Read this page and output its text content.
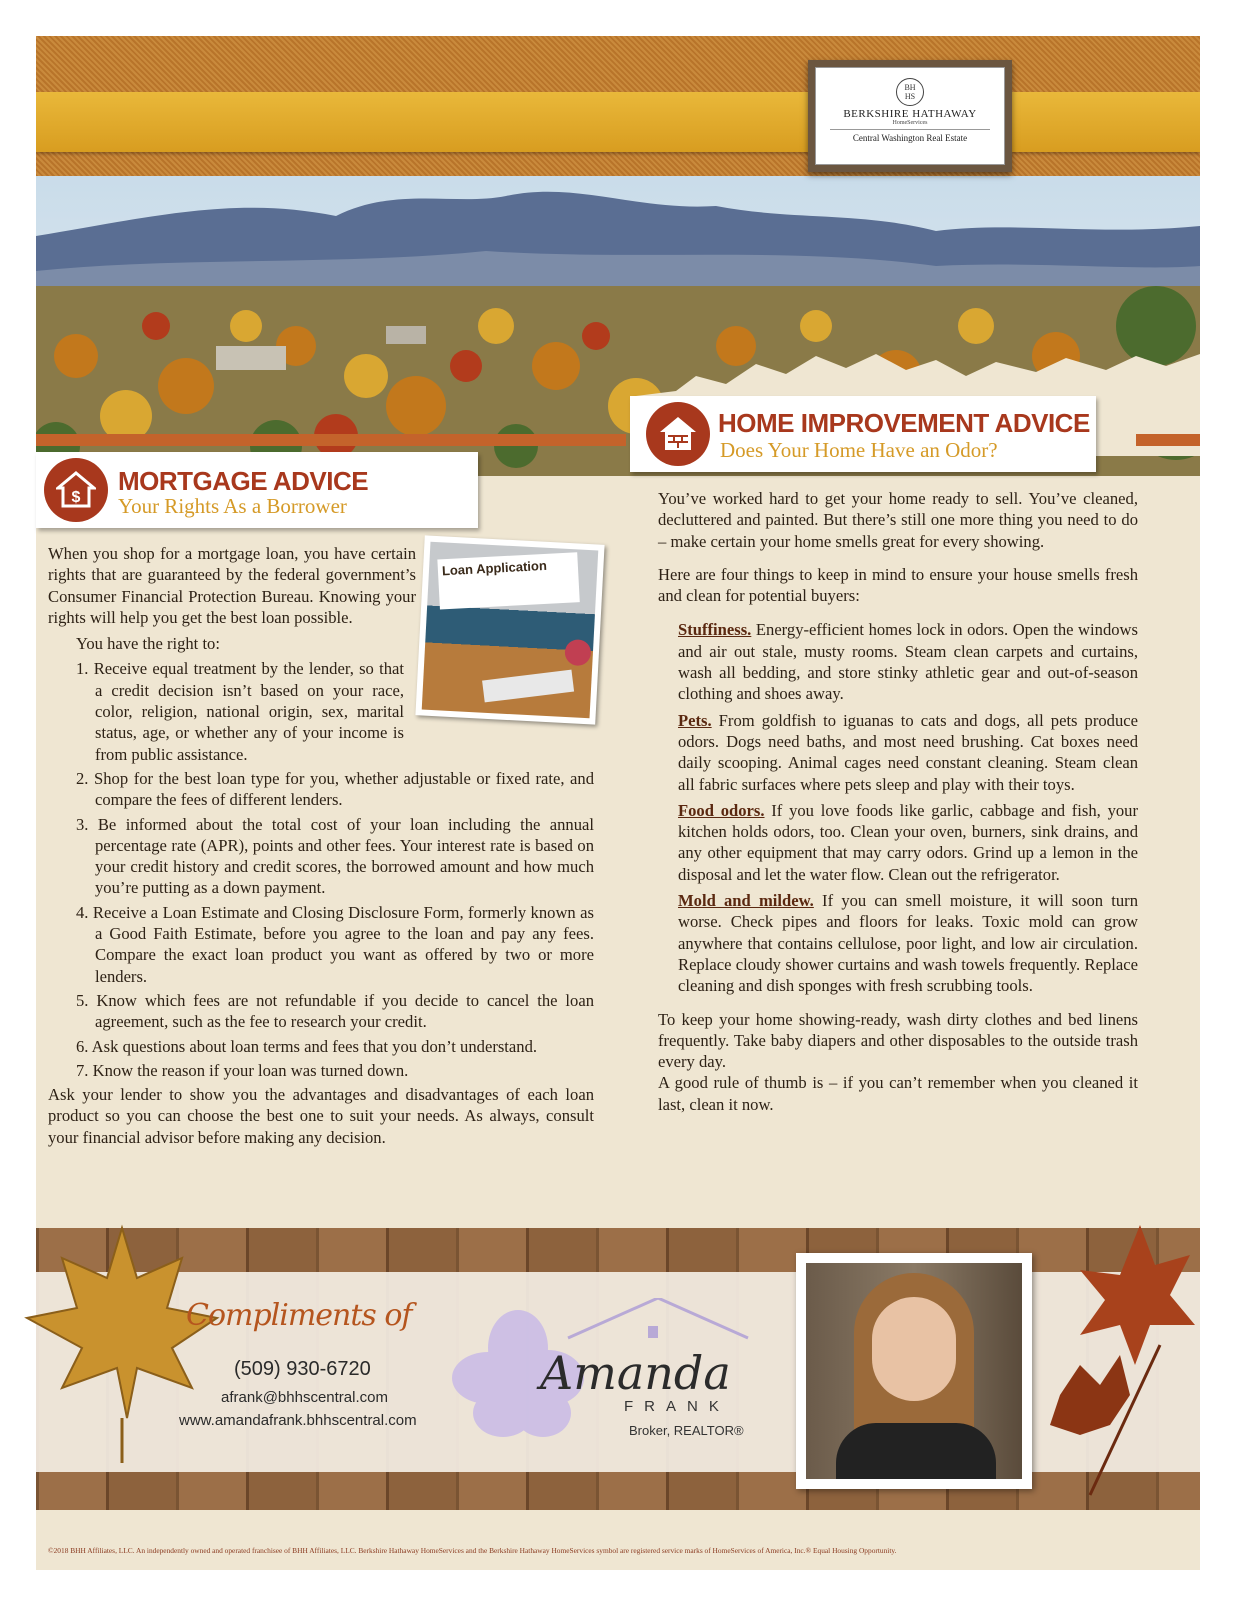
BH
HS
BERKSHIRE HATHAWAY
HomeServices
Central Washington Real Estate
HOME IMPROVEMENT ADVICE
Does Your Home Have an Odor?
$
MORTGAGE ADVICE
Your Rights As a Borrower
Loan Application

When you shop for a mortgage loan, you have certain rights that are guaranteed by the federal government’s Consumer Financial Protection Bureau. Knowing your rights will help you get the best loan possible.

You have the right to:

1. Receive equal treatment by the lender, so that a credit decision isn’t based on your race, color, religion, national origin, sex, marital status, age, or whether any of your income is from public assistance.
2. Shop for the best loan type for you, whether adjustable or fixed rate, and compare the fees of different lenders.
3. Be informed about the total cost of your loan including the annual percentage rate (APR), points and other fees. Your interest rate is based on your credit history and credit scores, the borrowed amount and how much you’re putting as a down payment.
4. Receive a Loan Estimate and Closing Disclosure Form, formerly known as a Good Faith Estimate, before you agree to the loan and pay any fees. Compare the exact loan product you want as offered by two or more lenders.
5. Know which fees are not refundable if you decide to cancel the loan agreement, such as the fee to research your credit.
6. Ask questions about loan terms and fees that you don’t understand.
7. Know the reason if your loan was turned down.

Ask your lender to show you the advantages and disadvantages of each loan product so you can choose the best one to suit your needs. As always, consult your financial advisor before making any decision.

You’ve worked hard to get your home ready to sell. You’ve cleaned, decluttered and painted. But there’s still one more thing you need to do – make certain your home smells great for every showing.

Here are four things to keep in mind to ensure your house smells fresh and clean for potential buyers:

Stuffiness. Energy-efficient homes lock in odors. Open the windows and air out stale, musty rooms. Steam clean carpets and curtains, wash all bedding, and store stinky athletic gear and out-of-season clothing and shoes away.

Pets. From goldfish to iguanas to cats and dogs, all pets produce odors. Dogs need baths, and most need brushing. Cat boxes need daily scooping. Animal cages need constant cleaning. Steam clean all fabric surfaces where pets sleep and play with their toys.

Food odors. If you love foods like garlic, cabbage and fish, your kitchen holds odors, too. Clean your oven, burners, sink drains, and any other equipment that may carry odors. Grind up a lemon in the disposal and let the water flow. Clean out the refrigerator.

Mold and mildew. If you can smell moisture, it will soon turn worse. Check pipes and floors for leaks. Toxic mold can grow anywhere that contains cellulose, poor light, and low air circulation. Replace cloudy shower curtains and wash towels frequently. Replace cleaning and dish sponges with fresh scrubbing tools.

To keep your home showing-ready, wash dirty clothes and bed linens frequently. Take baby diapers and other disposables to the outside trash every day.

A good rule of thumb is – if you can’t remember when you cleaned it last, clean it now.

Compliments of
(509) 930-6720
afrank@bhhscentral.com
www.amandafrank.bhhscentral.com
Amanda
FRANK
Broker, REALTOR®
©2018 BHH Affiliates, LLC. An independently owned and operated franchisee of BHH Affiliates, LLC. Berkshire Hathaway HomeServices and the Berkshire Hathaway HomeServices symbol are registered service marks of HomeServices of America, Inc.® Equal Housing Opportunity.
